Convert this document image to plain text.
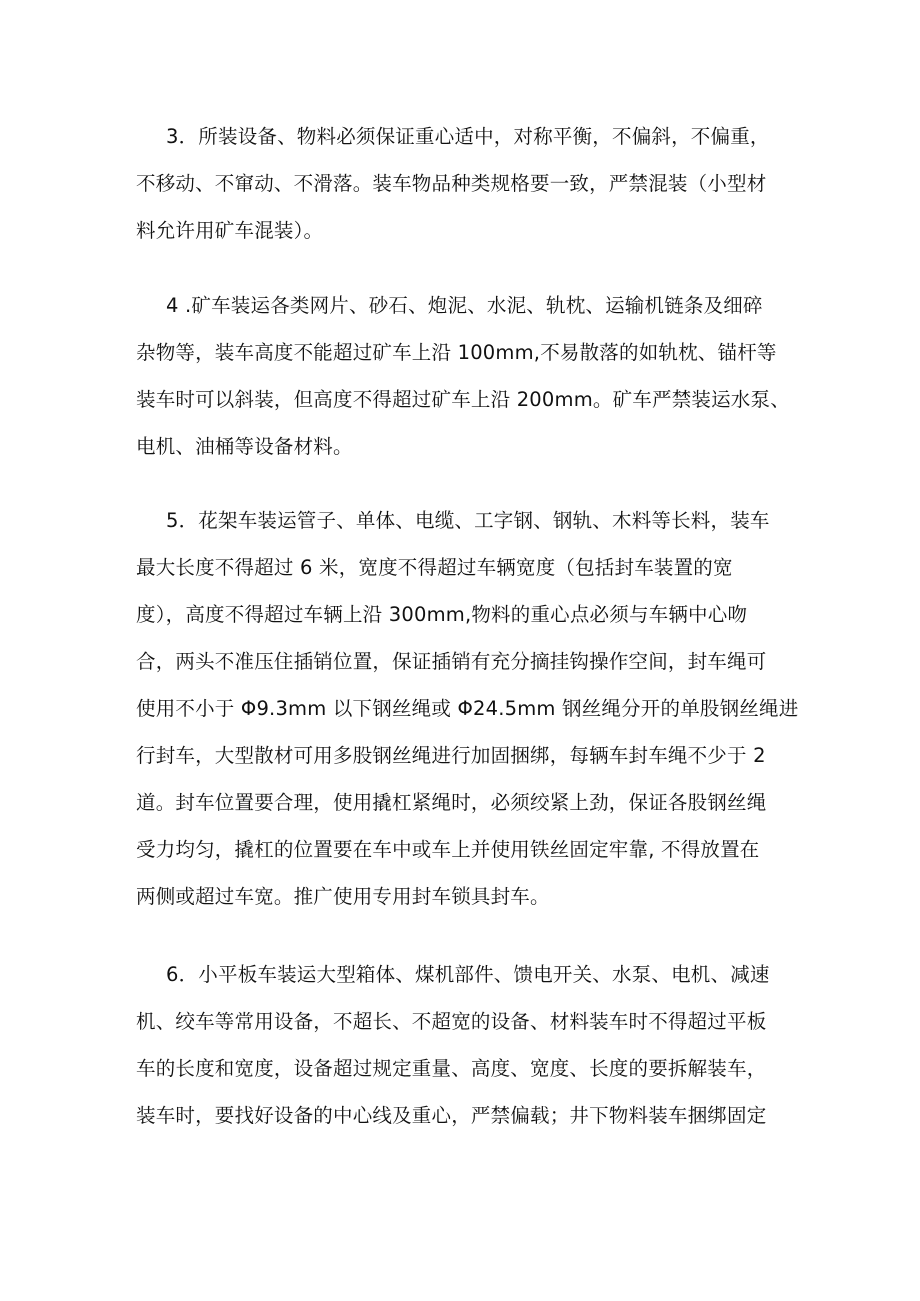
3．所装设备、物料必须保证重心适中，对称平衡，不偏斜，不偏重，
不移动、不窜动、不滑落。装车物品种类规格要一致，严禁混装（小型材
料允许用矿车混装）。
4 .矿车装运各类网片、砂石、炮泥、水泥、轨枕、运输机链条及细碎
杂物等，装车高度不能超过矿车上沿 100mm,不易散落的如轨枕、锚杆等
装车时可以斜装，但高度不得超过矿车上沿 200mm。矿车严禁装运水泵、
电机、油桶等设备材料。
5．花架车装运管子、单体、电缆、工字钢、钢轨、木料等长料，装车
最大长度不得超过 6 米，宽度不得超过车辆宽度（包括封车装置的宽
度），高度不得超过车辆上沿 300mm,物料的重心点必须与车辆中心吻
合，两头不准压住插销位置，保证插销有充分摘挂钩操作空间，封车绳可
使用不小于 Φ9.3mm 以下钢丝绳或 Φ24.5mm 钢丝绳分开的单股钢丝绳进
行封车，大型散材可用多股钢丝绳进行加固捆绑，每辆车封车绳不少于 2
道。封车位置要合理，使用撬杠紧绳时，必须绞紧上劲，保证各股钢丝绳
受力均匀，撬杠的位置要在车中或车上并使用铁丝固定牢靠, 不得放置在
两侧或超过车宽。推广使用专用封车锁具封车。
6．小平板车装运大型箱体、煤机部件、馈电开关、水泵、电机、减速
机、绞车等常用设备，不超长、不超宽的设备、材料装车时不得超过平板
车的长度和宽度，设备超过规定重量、高度、宽度、长度的要拆解装车，
装车时，要找好设备的中心线及重心，严禁偏载；井下物料装车捆绑固定
